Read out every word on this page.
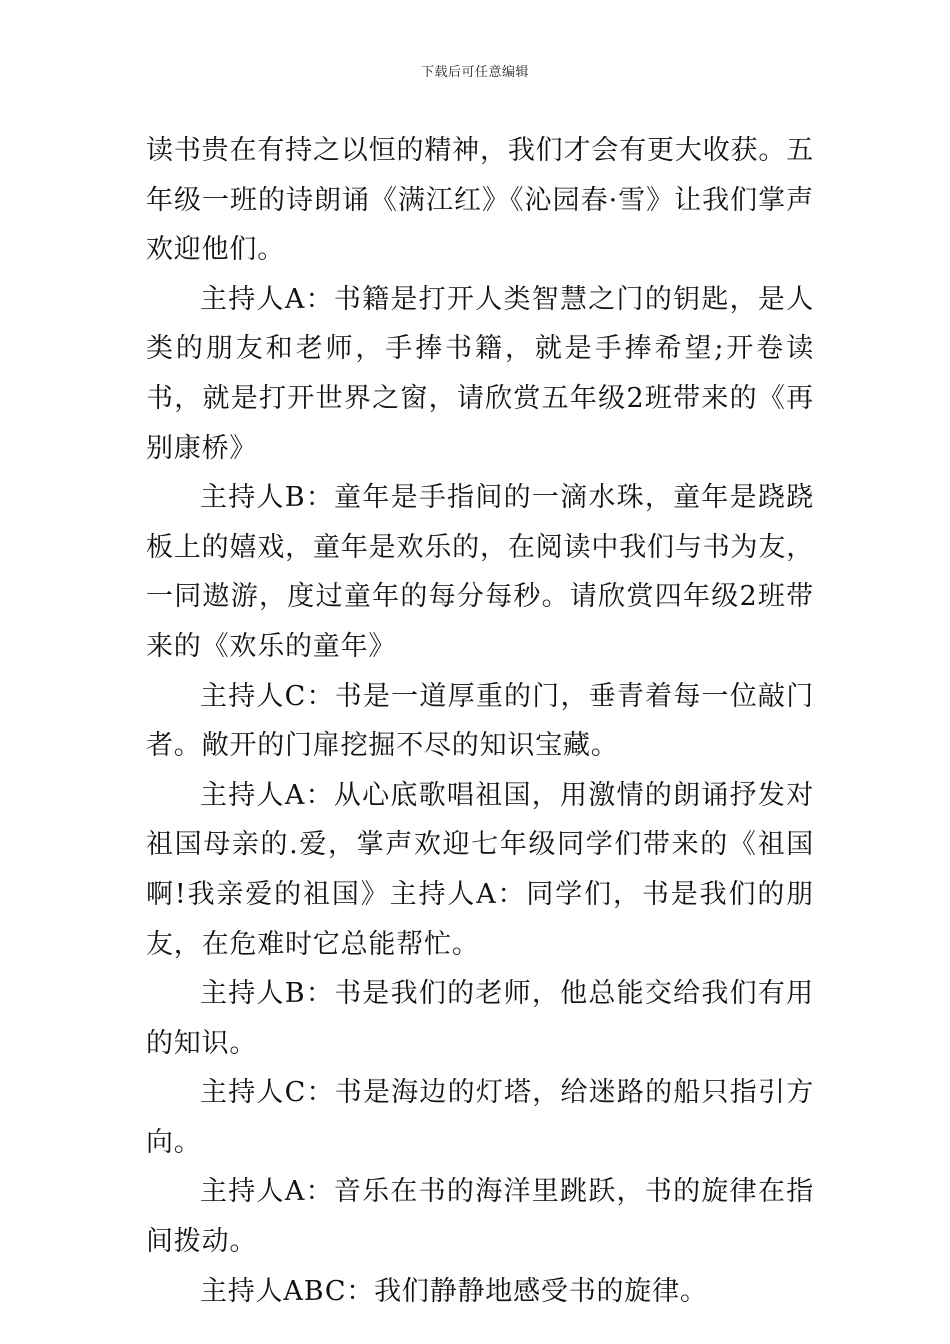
下载后可任意编辑

读书贵在有持之以恒的精神，我们才会有更大收获。五年级一班的诗朗诵《满江红》《沁园春·雪》让我们掌声欢迎他们。

主持人A：书籍是打开人类智慧之门的钥匙，是人类的朋友和老师，手捧书籍，就是手捧希望;开卷读书，就是打开世界之窗，请欣赏五年级2班带来的《再别康桥》

主持人B：童年是手指间的一滴水珠，童年是跷跷板上的嬉戏，童年是欢乐的，在阅读中我们与书为友，一同遨游，度过童年的每分每秒。请欣赏四年级2班带来的《欢乐的童年》

主持人C：书是一道厚重的门，垂青着每一位敲门者。敞开的门扉挖掘不尽的知识宝藏。

主持人A：从心底歌唱祖国，用激情的朗诵抒发对祖国母亲的.爱，掌声欢迎七年级同学们带来的《祖国啊!我亲爱的祖国》主持人A：同学们，书是我们的朋友，在危难时它总能帮忙。

主持人B：书是我们的老师，他总能交给我们有用的知识。

主持人C：书是海边的灯塔，给迷路的船只指引方向。

主持人A：音乐在书的海洋里跳跃，书的旋律在指间拨动。

主持人ABC：我们静静地感受书的旋律。
